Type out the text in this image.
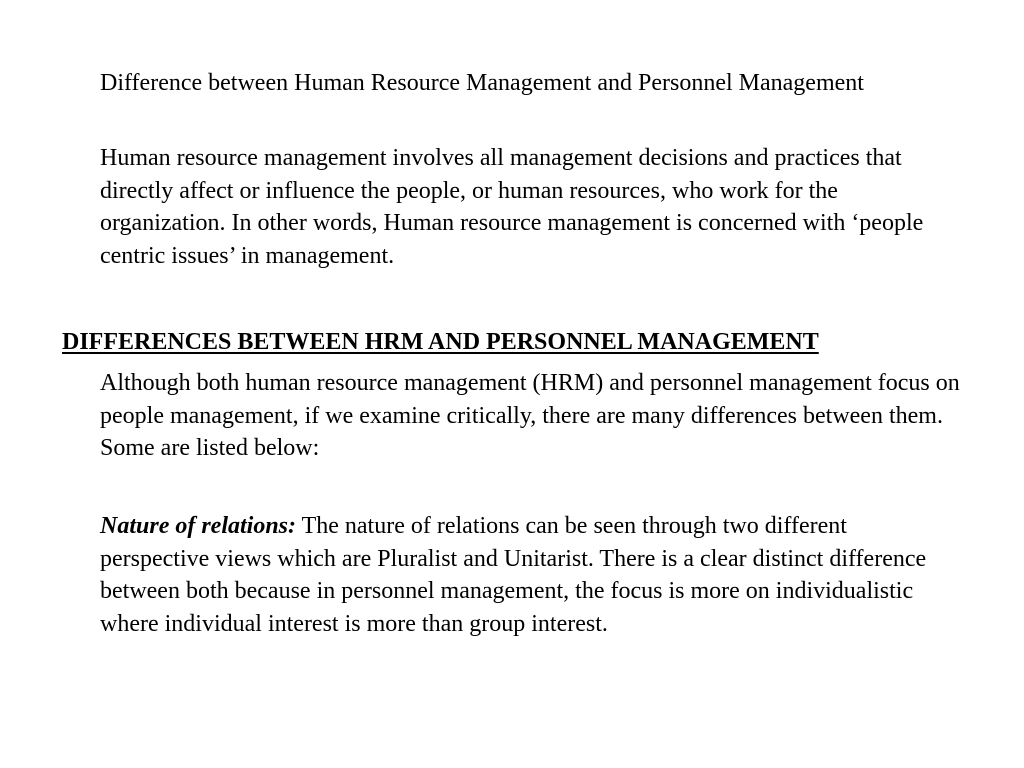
Difference between Human Resource Management and Personnel Management

Human resource management involves all management decisions and practices that directly affect or influence the people, or human resources, who work for the organization. In other words, Human resource management is concerned with ‘people centric issues’ in management.

DIFFERENCES BETWEEN HRM AND PERSONNEL MANAGEMENT

Although both human resource management (HRM) and personnel management focus on people management, if we examine critically, there are many differences between them. Some are listed below:

Nature of relations: The nature of relations can be seen through two different perspective views which are Pluralist and Unitarist. There is a clear distinct difference between both because in personnel management, the focus is more on individualistic where individual interest is more than group interest.
